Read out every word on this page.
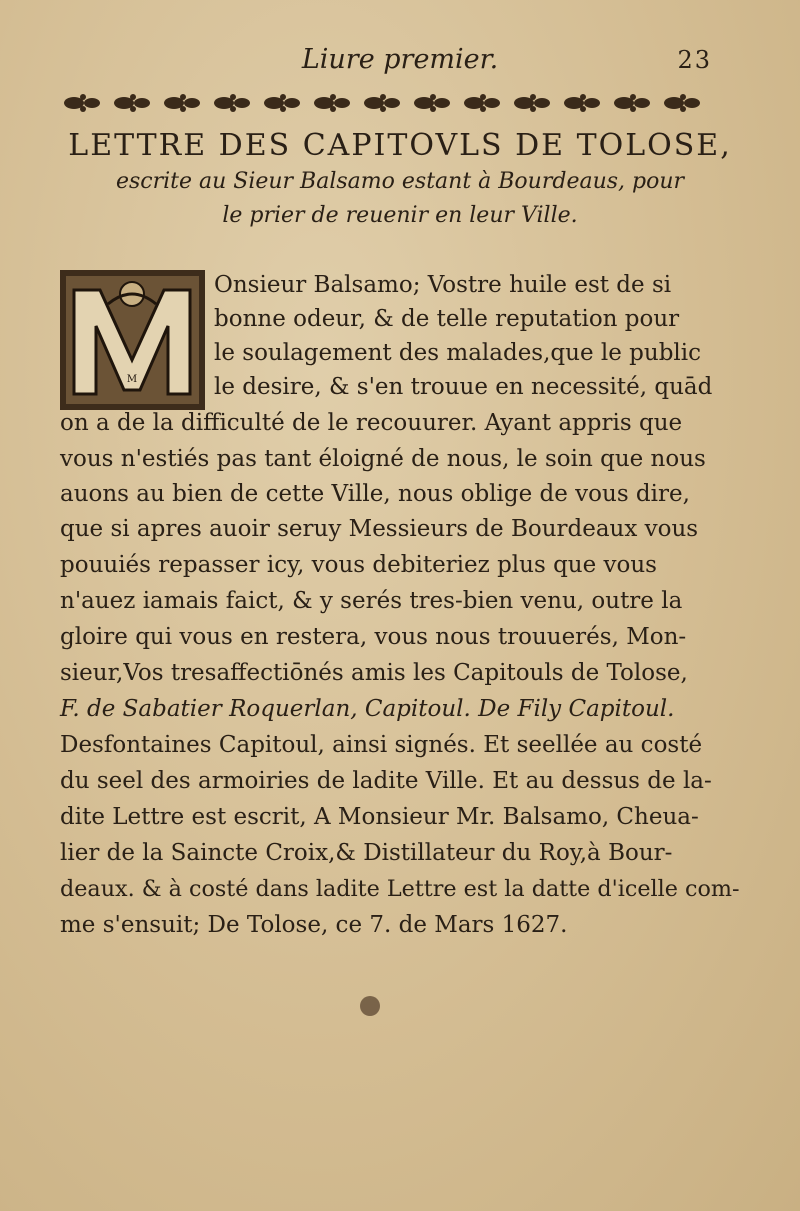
Liure premier.	23
LETTRE DES CAPITOVLS DE TOLOSE,
escrite au Sieur Balsamo estant à Bourdeaus, pour
le prier de reuenir en leur Ville.
M
Onsieur Balsamo; Vostre huile est de si
bonne odeur, & de telle reputation pour
le soulagement des malades,que le public
le desire, & s'en trouue en necessité, quād
on a de la difficulté de le recouurer. Ayant appris que
vous n'estiés pas tant éloigné de nous, le soin que nous
auons au bien de cette Ville, nous oblige de vous dire,
que si apres auoir seruy Messieurs de Bourdeaux vous
pouuiés repasser icy, vous debiteriez plus que vous
n'auez iamais faict, & y serés tres-bien venu, outre la
gloire qui vous en restera, vous nous trouuerés, Mon-
sieur,Vos tresaffectiōnés amis les Capitouls de Tolose,
F. de Sabatier Roquerlan, Capitoul. De Fily Capitoul.
Desfontaines Capitoul, ainsi signés. Et seellée au costé
du seel des armoiries de ladite Ville. Et au dessus de la-
dite Lettre est escrit, A Monsieur Mr. Balsamo, Cheua-
lier de la Saincte Croix,& Distillateur du Roy,à Bour-
deaux. & à costé dans ladite Lettre est la datte d'icelle com-
me s'ensuit; De Tolose, ce 7. de Mars 1627.
